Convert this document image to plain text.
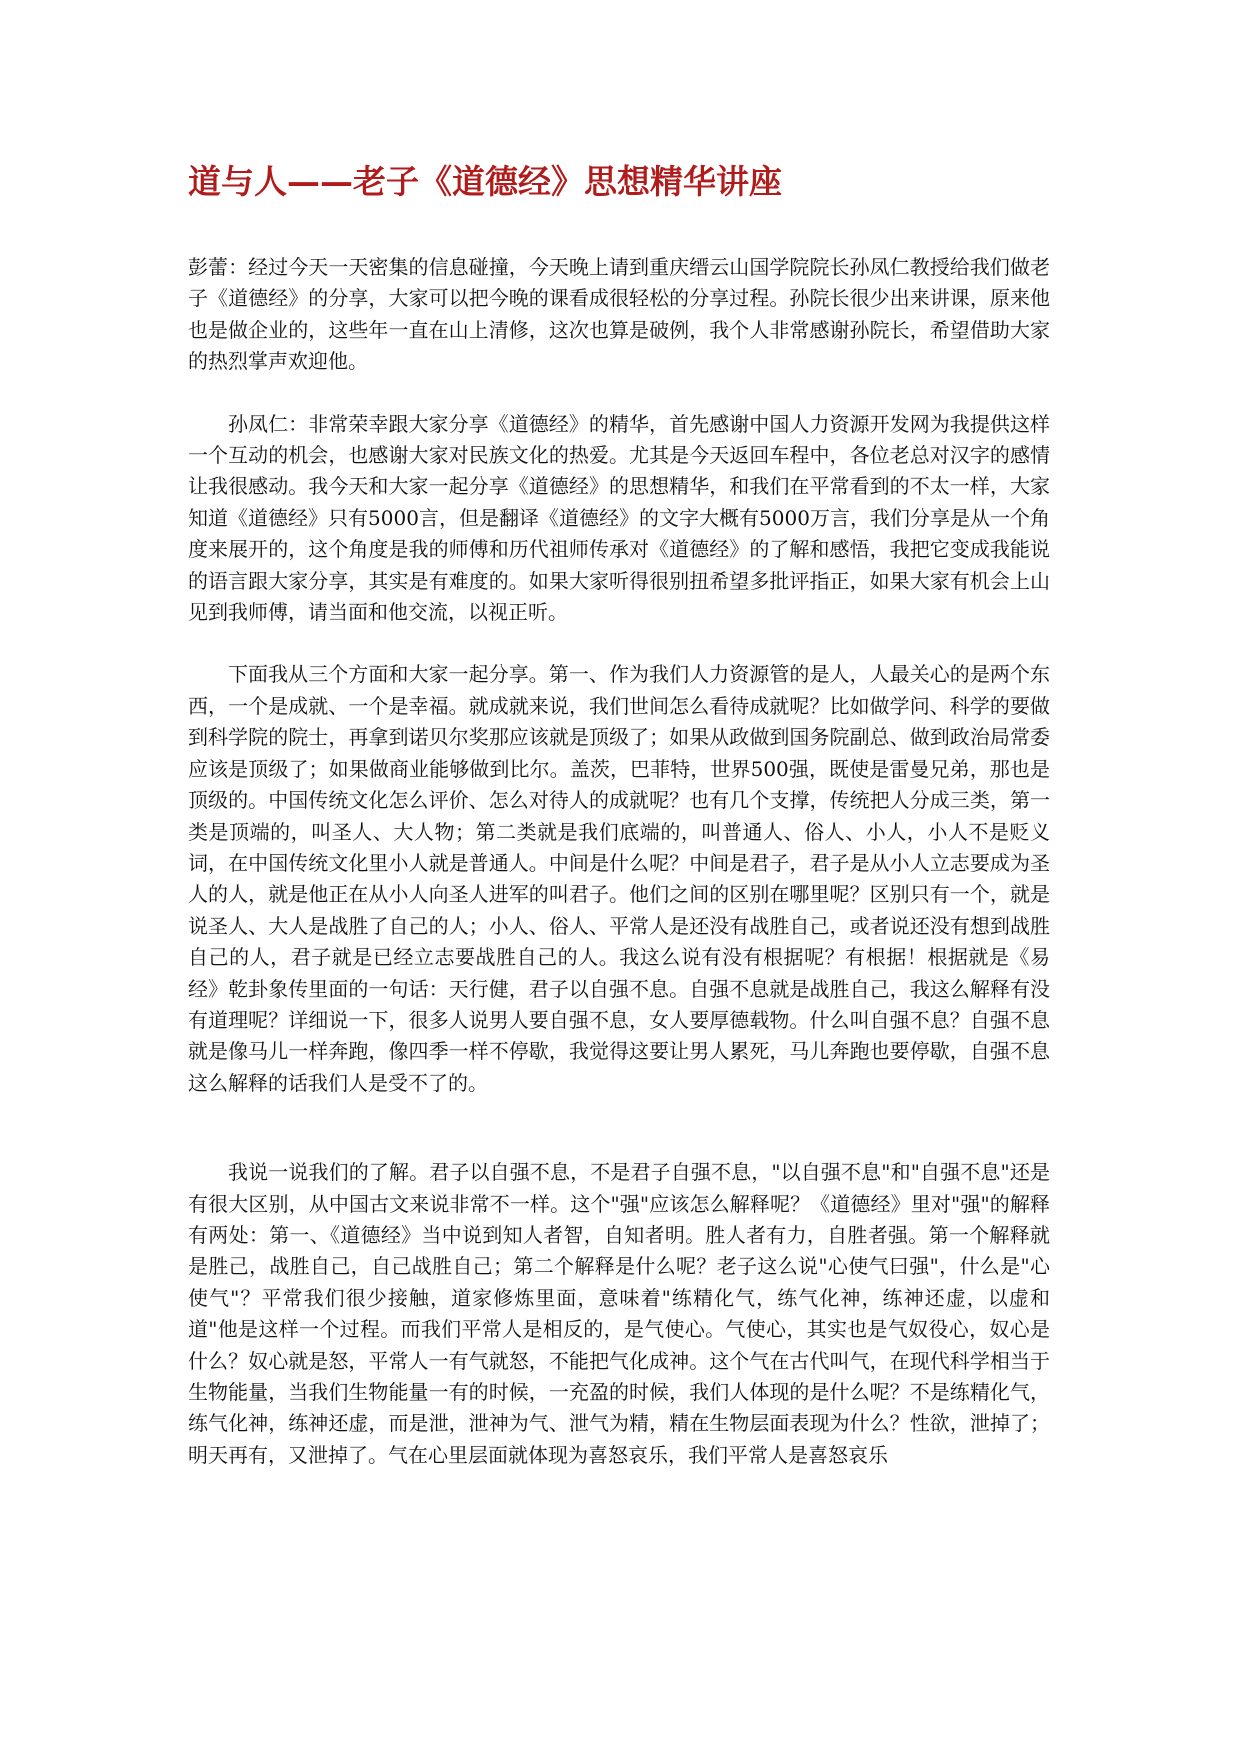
道与人——老子《道德经》思想精华讲座

彭蕾：经过今天一天密集的信息碰撞，今天晚上请到重庆缙云山国学院院长孙凤仁教授给我们做老子《道德经》的分享，大家可以把今晚的课看成很轻松的分享过程。孙院长很少出来讲课，原来他也是做企业的，这些年一直在山上清修，这次也算是破例，我个人非常感谢孙院长，希望借助大家的热烈掌声欢迎他。

孙凤仁：非常荣幸跟大家分享《道德经》的精华，首先感谢中国人力资源开发网为我提供这样一个互动的机会，也感谢大家对民族文化的热爱。尤其是今天返回车程中，各位老总对汉字的感情让我很感动。我今天和大家一起分享《道德经》的思想精华，和我们在平常看到的不太一样，大家知道《道德经》只有5000言，但是翻译《道德经》的文字大概有5000万言，我们分享是从一个角度来展开的，这个角度是我的师傅和历代祖师传承对《道德经》的了解和感悟，我把它变成我能说的语言跟大家分享，其实是有难度的。如果大家听得很别扭希望多批评指正，如果大家有机会上山见到我师傅，请当面和他交流，以视正听。

下面我从三个方面和大家一起分享。第一、作为我们人力资源管的是人，人最关心的是两个东西，一个是成就、一个是幸福。就成就来说，我们世间怎么看待成就呢？比如做学问、科学的要做到科学院的院士，再拿到诺贝尔奖那应该就是顶级了；如果从政做到国务院副总、做到政治局常委应该是顶级了；如果做商业能够做到比尔。盖茨，巴菲特，世界500强，既使是雷曼兄弟，那也是顶级的。中国传统文化怎么评价、怎么对待人的成就呢？也有几个支撑，传统把人分成三类，第一类是顶端的，叫圣人、大人物；第二类就是我们底端的，叫普通人、俗人、小人，小人不是贬义词，在中国传统文化里小人就是普通人。中间是什么呢？中间是君子，君子是从小人立志要成为圣人的人，就是他正在从小人向圣人进军的叫君子。他们之间的区别在哪里呢？区别只有一个，就是说圣人、大人是战胜了自己的人；小人、俗人、平常人是还没有战胜自己，或者说还没有想到战胜自己的人，君子就是已经立志要战胜自己的人。我这么说有没有根据呢？有根据！根据就是《易经》乾卦象传里面的一句话：天行健，君子以自强不息。自强不息就是战胜自己，我这么解释有没有道理呢？详细说一下，很多人说男人要自强不息，女人要厚德载物。什么叫自强不息？自强不息就是像马儿一样奔跑，像四季一样不停歇，我觉得这要让男人累死，马儿奔跑也要停歇，自强不息这么解释的话我们人是受不了的。

我说一说我们的了解。君子以自强不息，不是君子自强不息，"以自强不息"和"自强不息"还是有很大区别，从中国古文来说非常不一样。这个"强"应该怎么解释呢？《道德经》里对"强"的解释有两处：第一、《道德经》当中说到知人者智，自知者明。胜人者有力，自胜者强。第一个解释就是胜己，战胜自己，自己战胜自己；第二个解释是什么呢？老子这么说"心使气曰强"，什么是"心使气"？平常我们很少接触，道家修炼里面，意味着"练精化气，练气化神，练神还虚，以虚和道"他是这样一个过程。而我们平常人是相反的，是气使心。气使心，其实也是气奴役心，奴心是什么？奴心就是怒，平常人一有气就怒，不能把气化成神。这个气在古代叫气，在现代科学相当于生物能量，当我们生物能量一有的时候，一充盈的时候，我们人体现的是什么呢？不是练精化气，练气化神，练神还虚，而是泄，泄神为气、泄气为精，精在生物层面表现为什么？性欲，泄掉了；明天再有，又泄掉了。气在心里层面就体现为喜怒哀乐，我们平常人是喜怒哀乐
